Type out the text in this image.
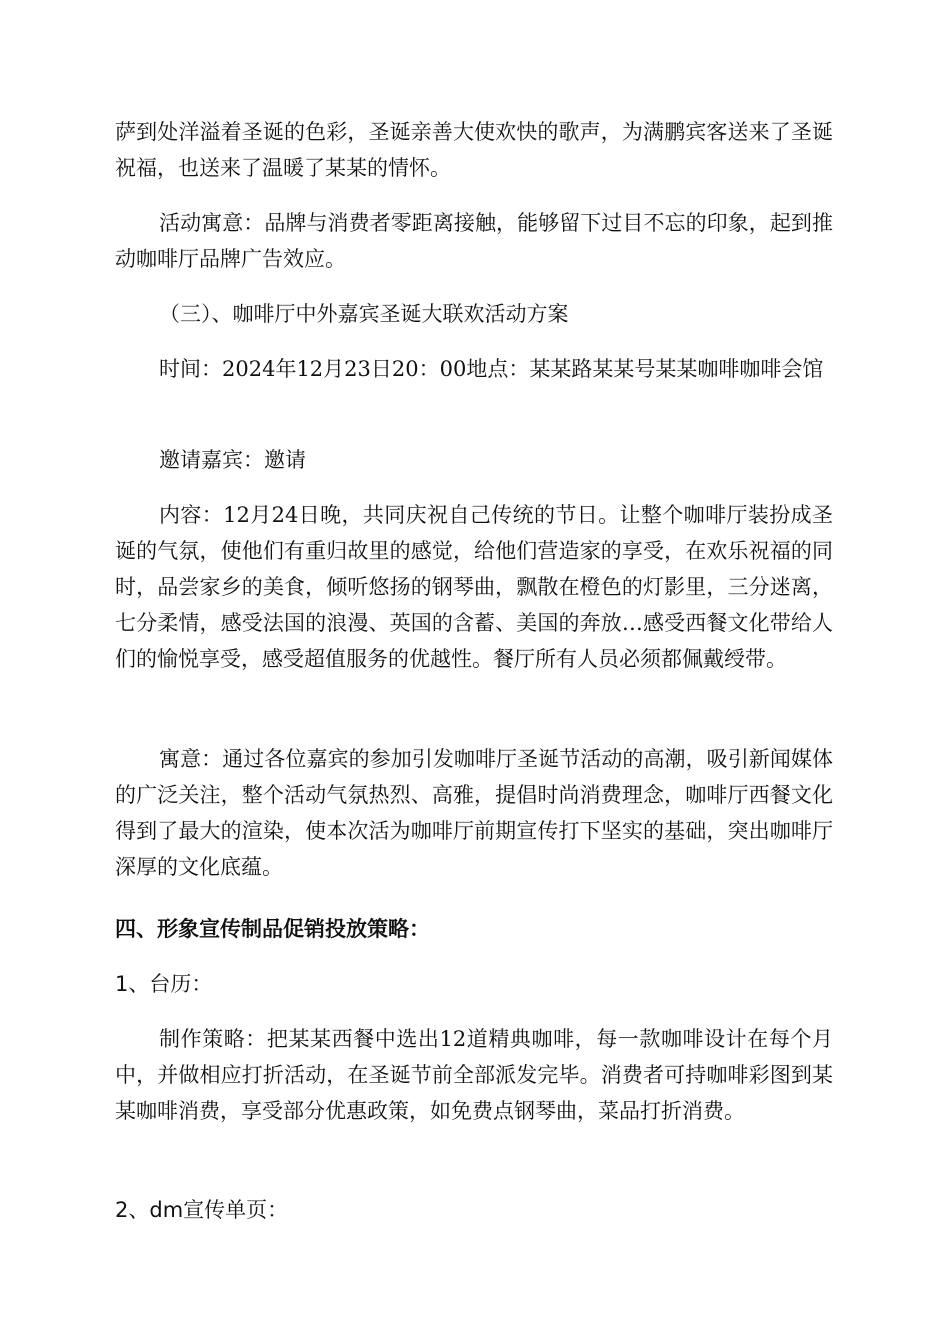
萨到处洋溢着圣诞的色彩，圣诞亲善大使欢快的歌声，为满鹏宾客送来了圣诞祝福，也送来了温暖了某某的情怀。

活动寓意：品牌与消费者零距离接触，能够留下过目不忘的印象，起到推动咖啡厅品牌广告效应。

（三）、咖啡厅中外嘉宾圣诞大联欢活动方案

时间：2024年12月23日20：00地点：某某路某某号某某咖啡咖啡会馆

邀请嘉宾：邀请

内容：12月24日晚，共同庆祝自己传统的节日。让整个咖啡厅装扮成圣诞的气氛，使他们有重归故里的感觉，给他们营造家的享受，在欢乐祝福的同时，品尝家乡的美食，倾听悠扬的钢琴曲，飘散在橙色的灯影里，三分迷离，七分柔情，感受法国的浪漫、英国的含蓄、美国的奔放…感受西餐文化带给人们的愉悦享受，感受超值服务的优越性。餐厅所有人员必须都佩戴绶带。

寓意：通过各位嘉宾的参加引发咖啡厅圣诞节活动的高潮，吸引新闻媒体的广泛关注，整个活动气氛热烈、高雅，提倡时尚消费理念，咖啡厅西餐文化得到了最大的渲染，使本次活为咖啡厅前期宣传打下坚实的基础，突出咖啡厅深厚的文化底蕴。

四、形象宣传制品促销投放策略：

1、台历：

制作策略：把某某西餐中选出12道精典咖啡，每一款咖啡设计在每个月中，并做相应打折活动，在圣诞节前全部派发完毕。消费者可持咖啡彩图到某某咖啡消费，享受部分优惠政策，如免费点钢琴曲，菜品打折消费。

2、dm宣传单页：
